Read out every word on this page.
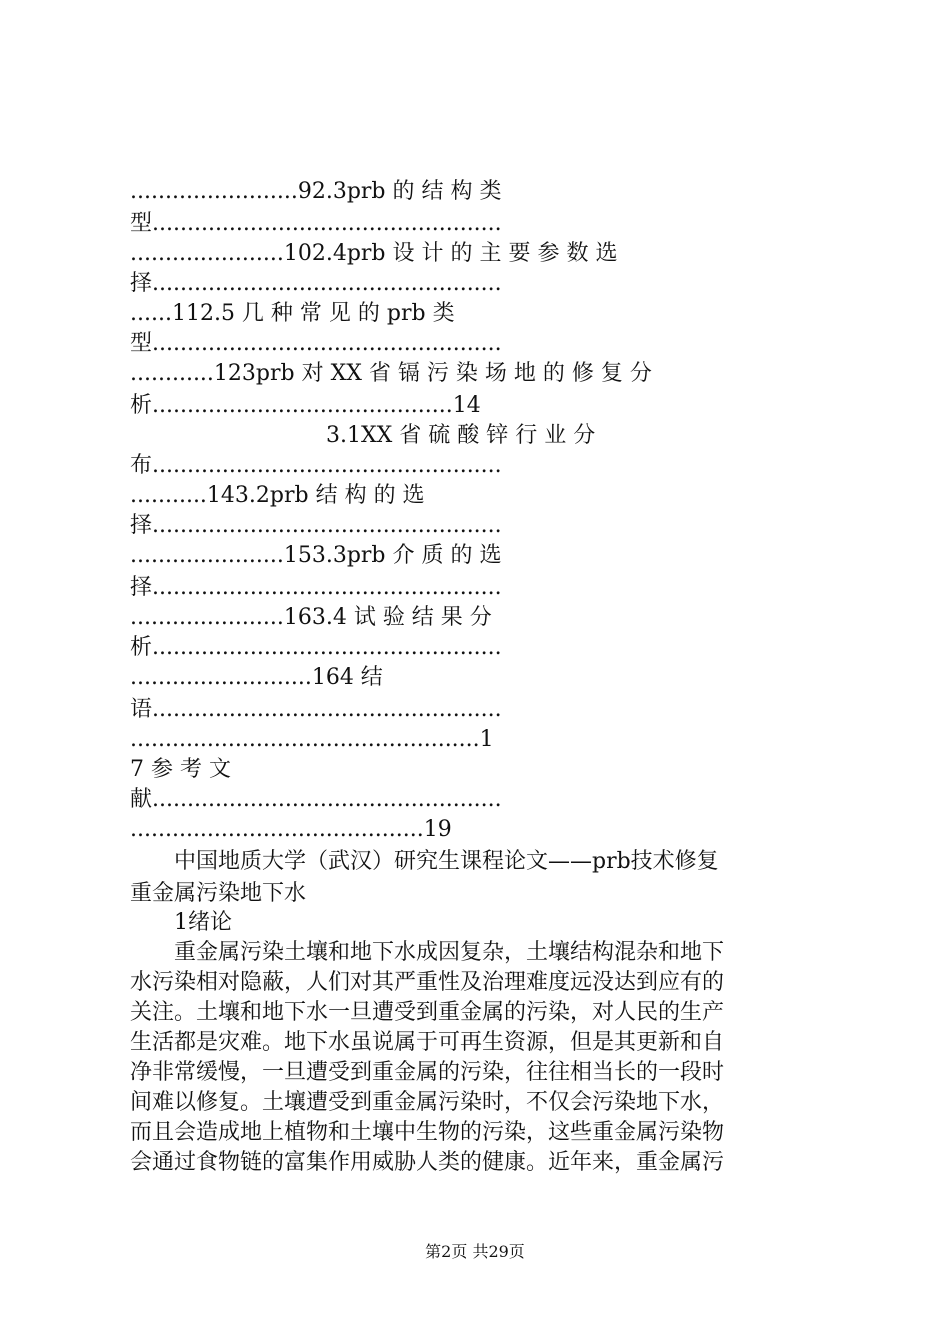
........................92.3prb 的 结 构 类
型..................................................
......................102.4prb 设 计 的 主 要 参 数 选
择..................................................
......112.5 几 种 常 见 的 prb 类
型..................................................
............123prb 对 XX 省 镉 污 染 场 地 的 修 复 分
析...........................................14
3.1XX 省 硫 酸 锌 行 业 分
布..................................................
...........143.2prb 结 构 的 选
择..................................................
......................153.3prb 介 质 的 选
择..................................................
......................163.4 试 验 结 果 分
析..................................................
..........................164 结
语..................................................
..................................................1
7 参 考 文
献..................................................
..........................................19
中国地质大学（武汉）研究生课程论文——prb技术修复
重金属污染地下水
1绪论
重金属污染土壤和地下水成因复杂，土壤结构混杂和地下
水污染相对隐蔽，人们对其严重性及治理难度远没达到应有的
关注。土壤和地下水一旦遭受到重金属的污染，对人民的生产
生活都是灾难。地下水虽说属于可再生资源，但是其更新和自
净非常缓慢，一旦遭受到重金属的污染，往往相当长的一段时
间难以修复。土壤遭受到重金属污染时，不仅会污染地下水，
而且会造成地上植物和土壤中生物的污染，这些重金属污染物
会通过食物链的富集作用威胁人类的健康。近年来，重金属污
第2页 共29页
